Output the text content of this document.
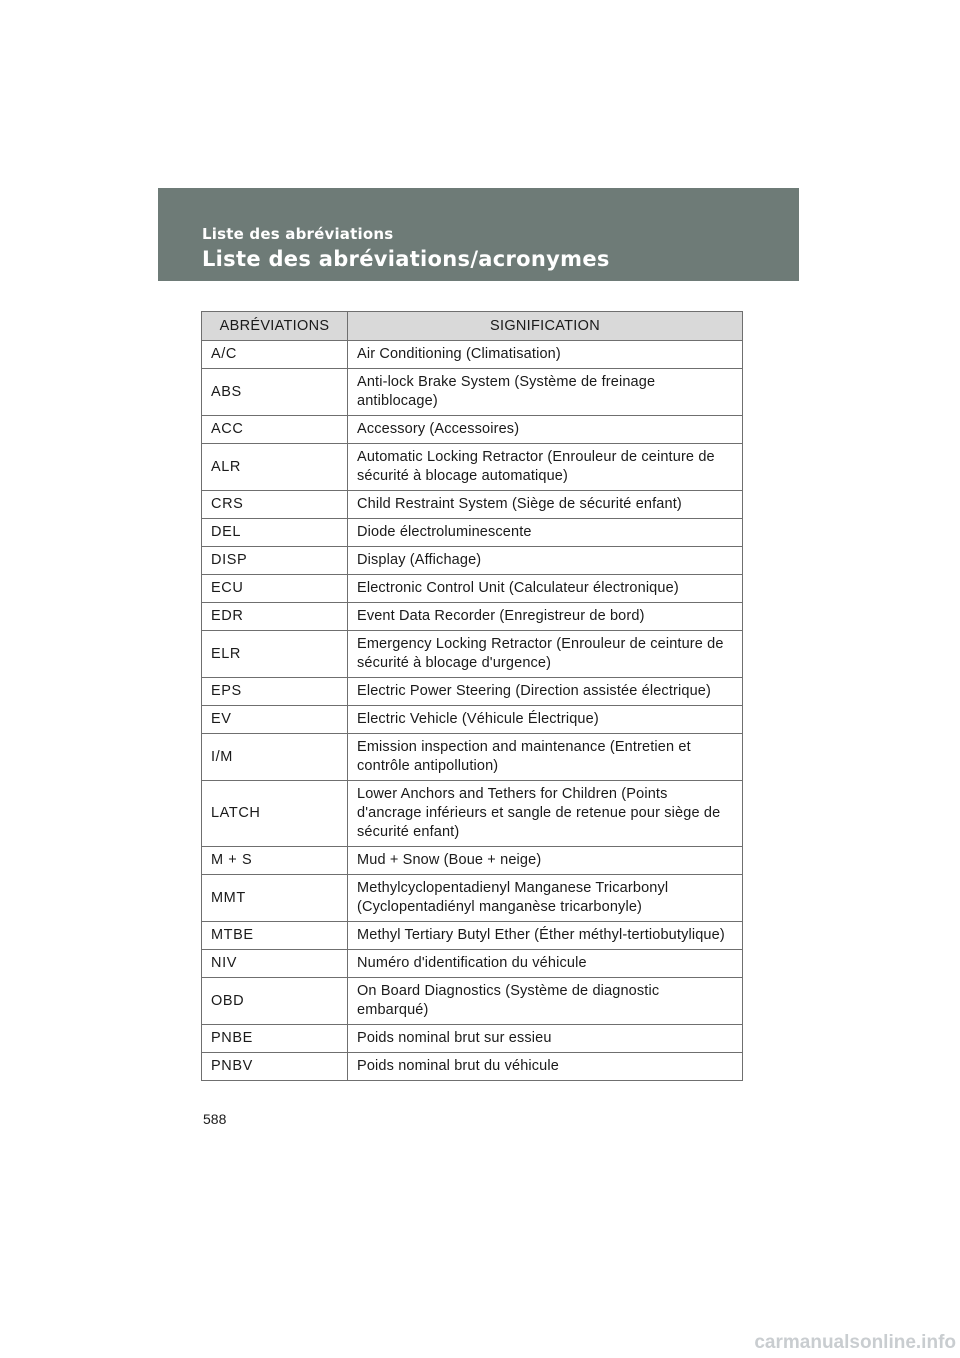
Liste des abréviations
Liste des abréviations/acronymes
ABRÉVIATIONS	SIGNIFICATION
A/C	Air Conditioning (Climatisation)
ABS	Anti-lock Brake System (Système de freinage antiblocage)
ACC	Accessory (Accessoires)
ALR	Automatic Locking Retractor (Enrouleur de ceinture de sécurité à blocage automatique)
CRS	Child Restraint System (Siège de sécurité enfant)
DEL	Diode électroluminescente
DISP	Display (Affichage)
ECU	Electronic Control Unit (Calculateur électronique)
EDR	Event Data Recorder (Enregistreur de bord)
ELR	Emergency Locking Retractor (Enrouleur de ceinture de sécurité à blocage d'urgence)
EPS	Electric Power Steering (Direction assistée électrique)
EV	Electric Vehicle (Véhicule Électrique)
I/M	Emission inspection and maintenance (Entretien et contrôle antipollution)
LATCH	Lower Anchors and Tethers for Children (Points d'ancrage inférieurs et sangle de retenue pour siège de sécurité enfant)
M + S	Mud + Snow (Boue + neige)
MMT	Methylcyclopentadienyl Manganese Tricarbonyl (Cyclopentadiényl manganèse tricarbonyle)
MTBE	Methyl Tertiary Butyl Ether (Éther méthyl-tertiobutylique)
NIV	Numéro d'identification du véhicule
OBD	On Board Diagnostics (Système de diagnostic embarqué)
PNBE	Poids nominal brut sur essieu
PNBV	Poids nominal brut du véhicule
588
carmanualsonline.info
